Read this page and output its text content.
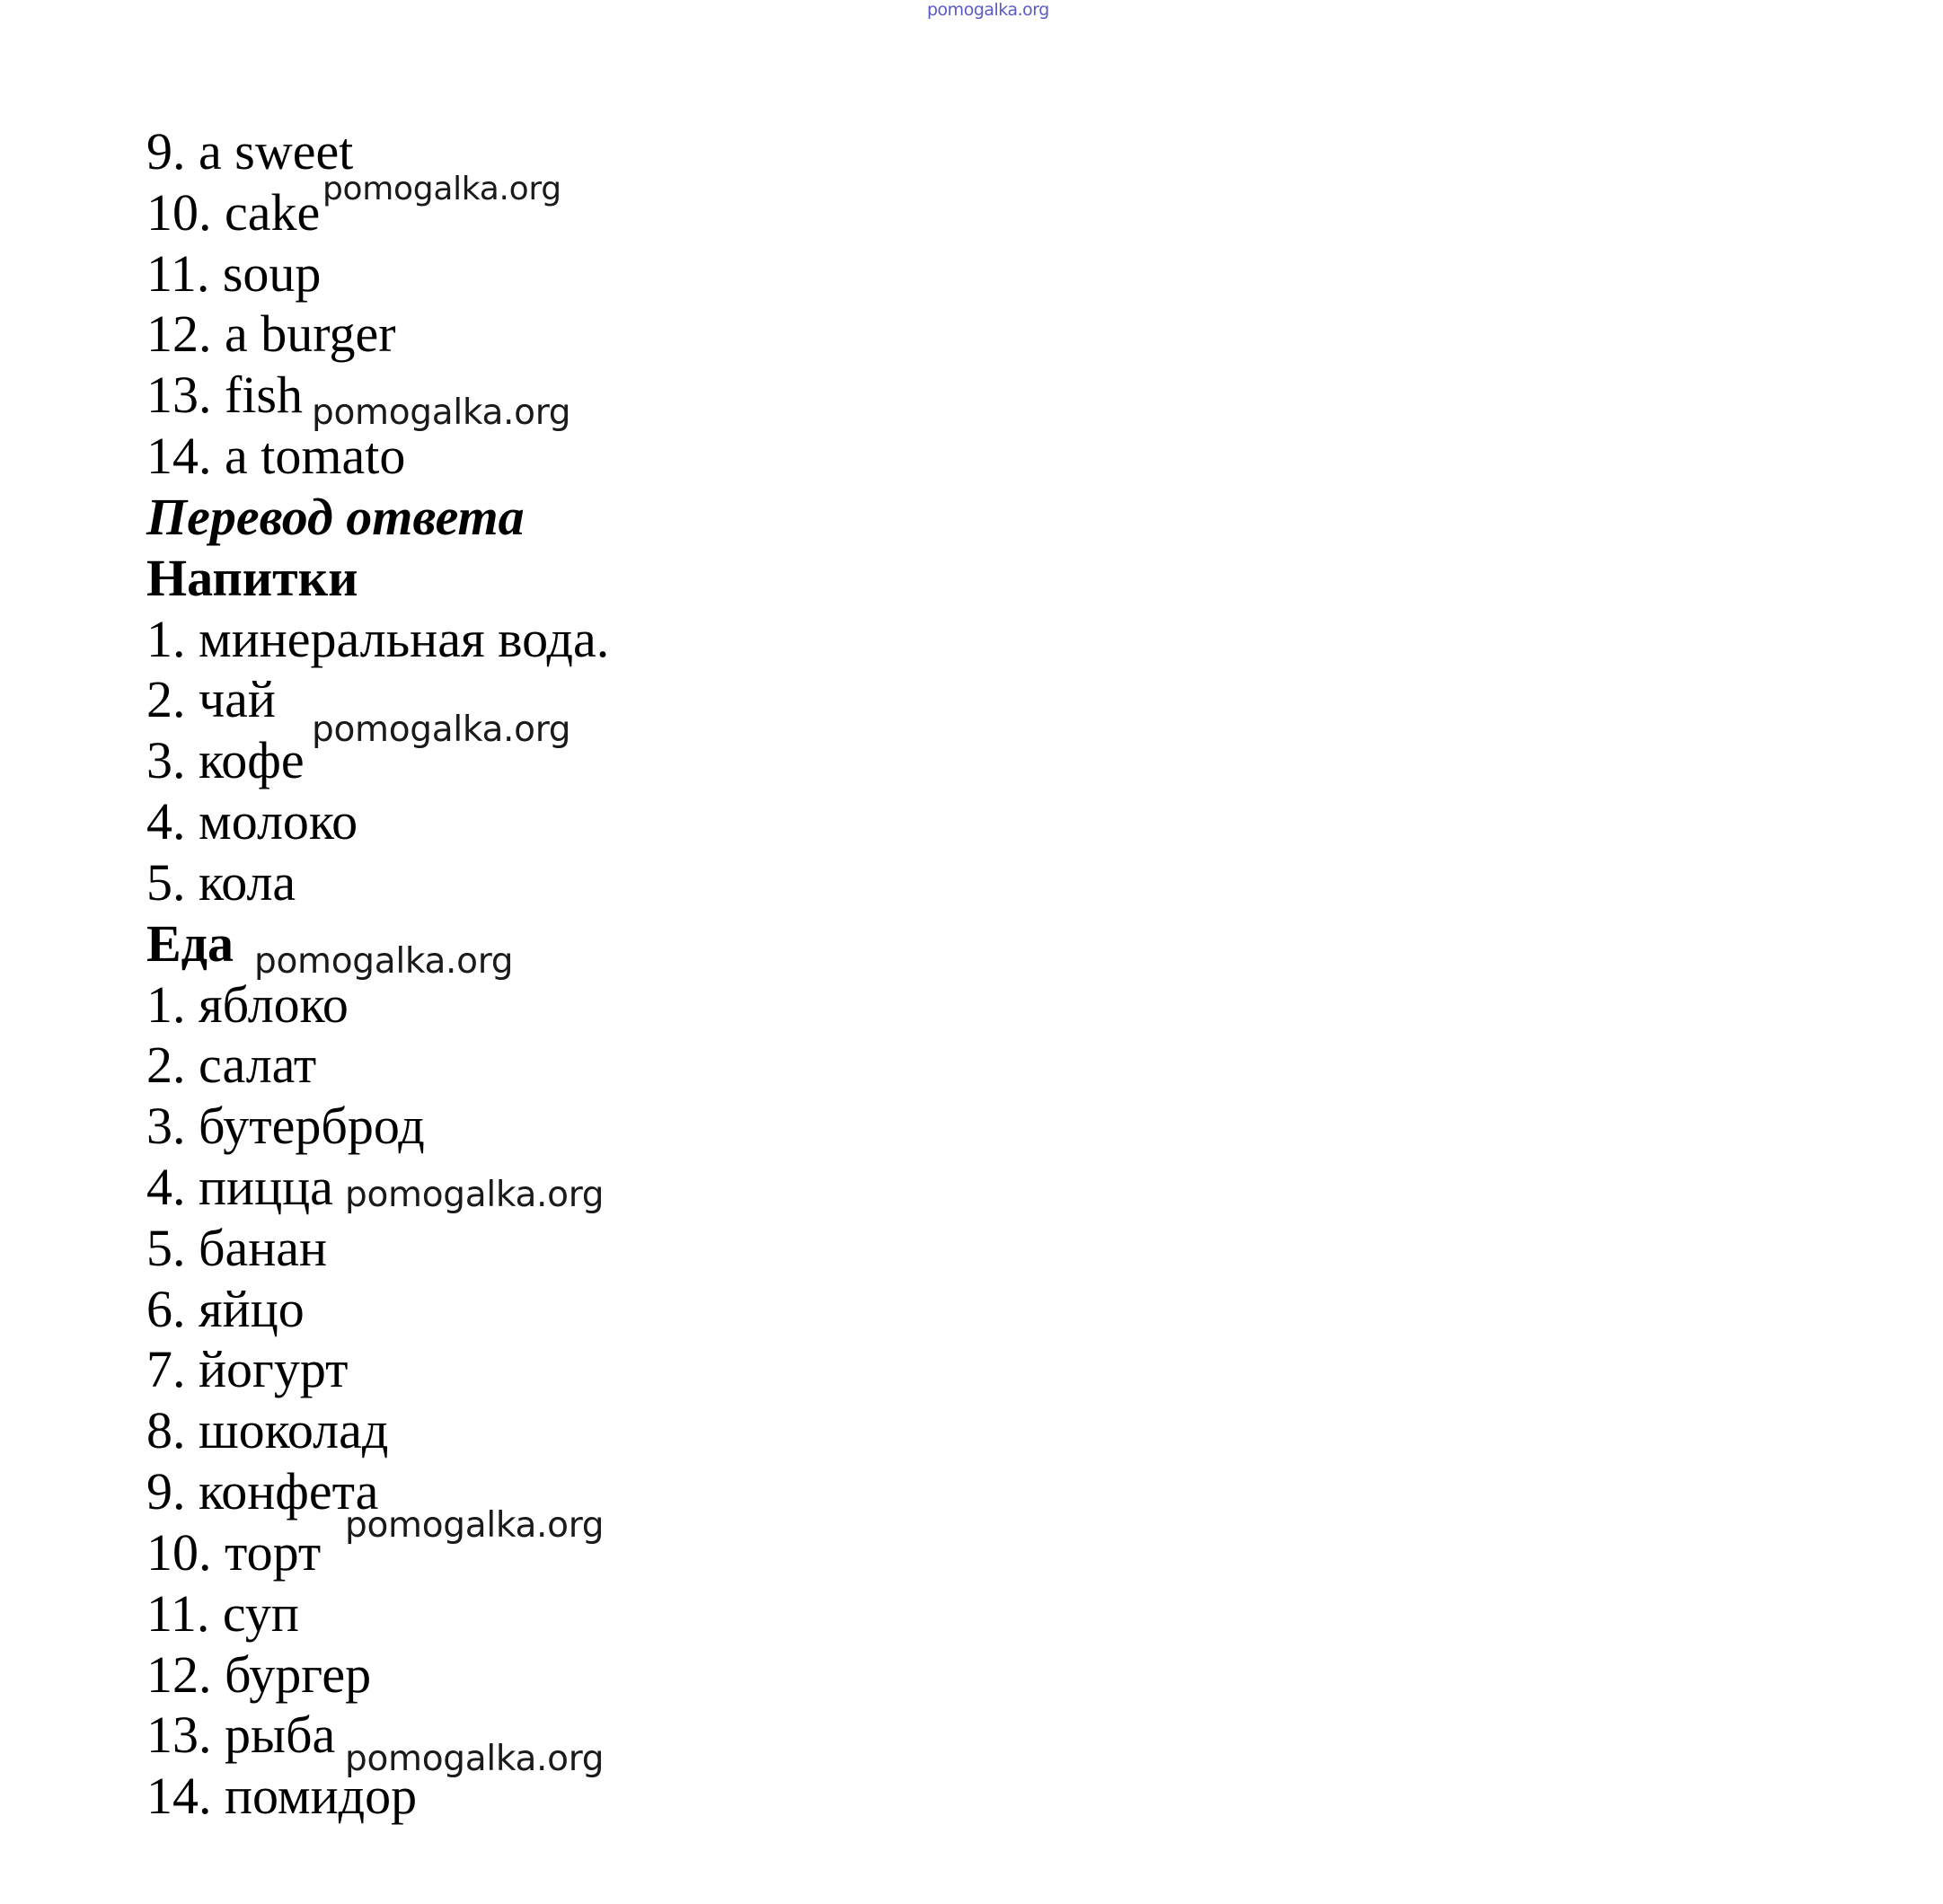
pomogalka.org
9. a sweet
10. cake
11. soup
12. a burger
13. fish
14. a tomato
Перевод ответа
Напитки
1. минеральная вода.
2. чай
3. кофе
4. молоко
5. кола
Еда
1. яблоко
2. салат
3. бутерброд
4. пицца
5. банан
6. яйцо
7. йогурт
8. шоколад
9. конфета
10. торт
11. суп
12. бургер
13. рыба
14. помидор
pomogalka.org
pomogalka.org
pomogalka.org
pomogalka.org
pomogalka.org
pomogalka.org
pomogalka.org
